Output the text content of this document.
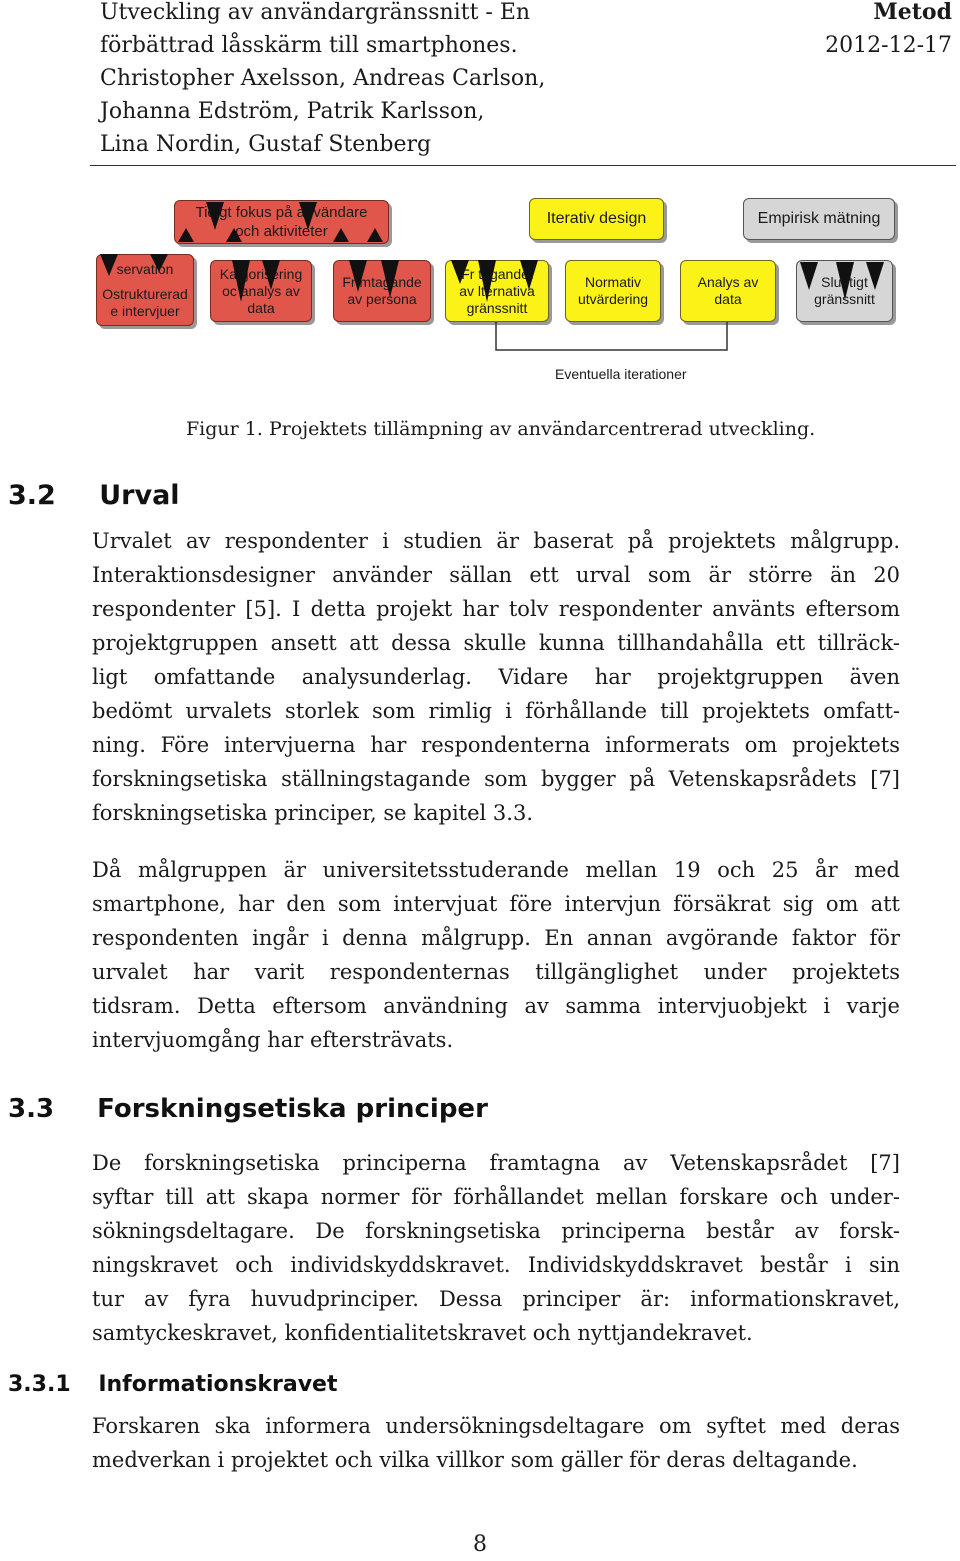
Utveckling av användargränssnitt - En
förbättrad låsskärm till smartphones.
Christopher Axelsson, Andreas Carlson,
Johanna Edström, Patrik Karlsson,
Lina Nordin, Gustaf Stenberg
Metod
2012-12-17
Tidigt fokus på användare
och aktiviteter
Iterativ design	Empirisk mätning
servation
Ostrukturerad
e intervjuer
Ka gorisering
oc analys av
data
Fr mtagande
av persona
Fr tagandet
av lternativa
gränssnitt
Normativ
utvärdering
Analys av
data
Slut tigt
gränssnitt
Eventuella iterationer
Figur 1. Projektets tillämpning av användarcentrerad utveckling.
3.2 Urval
Urvalet av respondenter i studien är baserat på projektets målgrupp.
Interaktionsdesigner använder sällan ett urval som är större än 20
respondenter [5]. I detta projekt har tolv respondenter använts eftersom
projektgruppen ansett att dessa skulle kunna tillhandahålla ett tillräck-
ligt omfattande analysunderlag. Vidare har projektgruppen även
bedömt urvalets storlek som rimlig i förhållande till projektets omfatt-
ning. Före intervjuerna har respondenterna informerats om projektets
forskningsetiska ställningstagande som bygger på Vetenskapsrådets [7]
forskningsetiska principer, se kapitel 3.3.
Då målgruppen är universitetsstuderande mellan 19 och 25 år med
smartphone, har den som intervjuat före intervjun försäkrat sig om att
respondenten ingår i denna målgrupp. En annan avgörande faktor för
urvalet har varit respondenternas tillgänglighet under projektets
tidsram. Detta eftersom användning av samma intervjuobjekt i varje
intervjuomgång har eftersträvats.
3.3 Forskningsetiska principer
De forskningsetiska principerna framtagna av Vetenskapsrådet [7]
syftar till att skapa normer för förhållandet mellan forskare och under-
sökningsdeltagare. De forskningsetiska principerna består av forsk-
ningskravet och individskyddskravet. Individskyddskravet består i sin
tur av fyra huvudprinciper. Dessa principer är: informationskravet,
samtyckeskravet, konfidentialitetskravet och nyttjandekravet.
3.3.1 Informationskravet
Forskaren ska informera undersökningsdeltagare om syftet med deras
medverkan i projektet och vilka villkor som gäller för deras deltagande.
8
